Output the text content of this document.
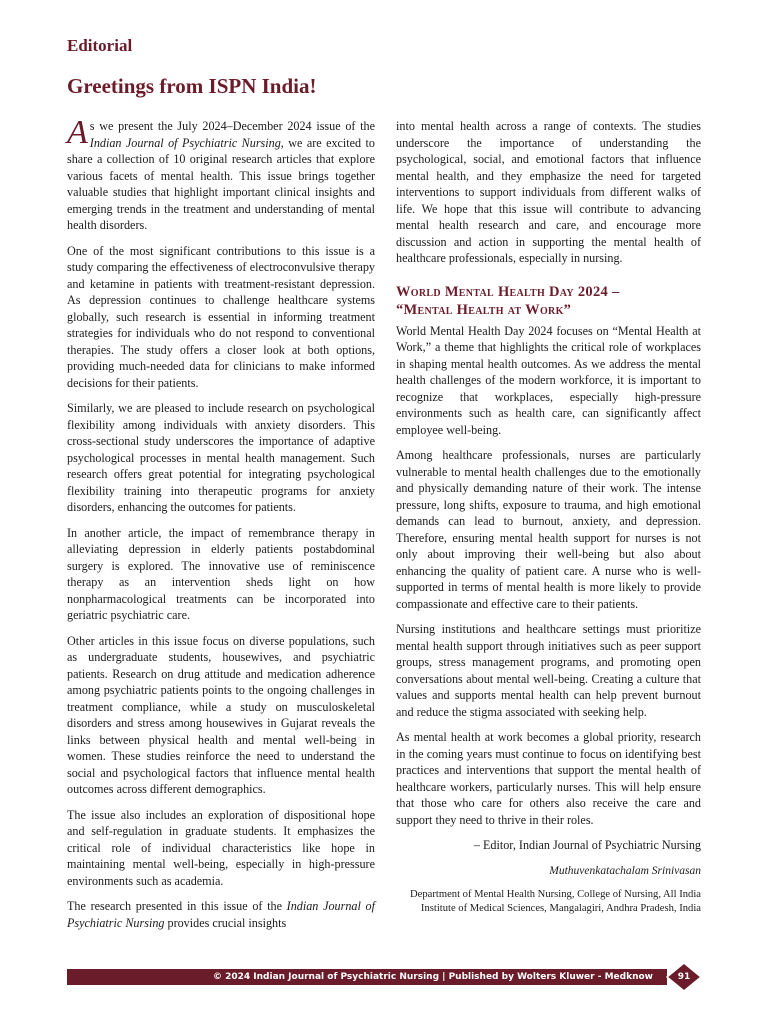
Editorial
Greetings from ISPN India!

As we present the July 2024–December 2024 issue of the Indian Journal of Psychiatric Nursing, we are excited to share a collection of 10 original research articles that explore various facets of mental health. This issue brings together valuable studies that highlight important clinical insights and emerging trends in the treatment and understanding of mental health disorders.

One of the most significant contributions to this issue is a study comparing the effectiveness of electroconvulsive therapy and ketamine in patients with treatment-resistant depression. As depression continues to challenge healthcare systems globally, such research is essential in informing treatment strategies for individuals who do not respond to conventional therapies. The study offers a closer look at both options, providing much-needed data for clinicians to make informed decisions for their patients.

Similarly, we are pleased to include research on psychological flexibility among individuals with anxiety disorders. This cross-sectional study underscores the importance of adaptive psychological processes in mental health management. Such research offers great potential for integrating psychological flexibility training into therapeutic programs for anxiety disorders, enhancing the outcomes for patients.

In another article, the impact of remembrance therapy in alleviating depression in elderly patients postabdominal surgery is explored. The innovative use of reminiscence therapy as an intervention sheds light on how nonpharmacological treatments can be incorporated into geriatric psychiatric care.

Other articles in this issue focus on diverse populations, such as undergraduate students, housewives, and psychiatric patients. Research on drug attitude and medication adherence among psychiatric patients points to the ongoing challenges in treatment compliance, while a study on musculoskeletal disorders and stress among housewives in Gujarat reveals the links between physical health and mental well-being in women. These studies reinforce the need to understand the social and psychological factors that influence mental health outcomes across different demographics.

The issue also includes an exploration of dispositional hope and self-regulation in graduate students. It emphasizes the critical role of individual characteristics like hope in maintaining mental well-being, especially in high-pressure environments such as academia.

The research presented in this issue of the Indian Journal of Psychiatric Nursing provides crucial insights

into mental health across a range of contexts. The studies underscore the importance of understanding the psychological, social, and emotional factors that influence mental health, and they emphasize the need for targeted interventions to support individuals from different walks of life. We hope that this issue will contribute to advancing mental health research and care, and encourage more discussion and action in supporting the mental health of healthcare professionals, especially in nursing.

World Mental Health Day 2024 –
“Mental Health at Work”

World Mental Health Day 2024 focuses on “Mental Health at Work,” a theme that highlights the critical role of workplaces in shaping mental health outcomes. As we address the mental health challenges of the modern workforce, it is important to recognize that workplaces, especially high-pressure environments such as health care, can significantly affect employee well-being.

Among healthcare professionals, nurses are particularly vulnerable to mental health challenges due to the emotionally and physically demanding nature of their work. The intense pressure, long shifts, exposure to trauma, and high emotional demands can lead to burnout, anxiety, and depression. Therefore, ensuring mental health support for nurses is not only about improving their well-being but also about enhancing the quality of patient care. A nurse who is well-supported in terms of mental health is more likely to provide compassionate and effective care to their patients.

Nursing institutions and healthcare settings must prioritize mental health support through initiatives such as peer support groups, stress management programs, and promoting open conversations about mental well-being. Creating a culture that values and supports mental health can help prevent burnout and reduce the stigma associated with seeking help.

As mental health at work becomes a global priority, research in the coming years must continue to focus on identifying best practices and interventions that support the mental health of healthcare workers, particularly nurses. This will help ensure that those who care for others also receive the care and support they need to thrive in their roles.

– Editor, Indian Journal of Psychiatric Nursing

Muthuvenkatachalam Srinivasan

Department of Mental Health Nursing, College of Nursing, All India Institute of Medical Sciences, Mangalagiri, Andhra Pradesh, India

© 2024 Indian Journal of Psychiatric Nursing | Published by Wolters Kluwer - Medknow	91
